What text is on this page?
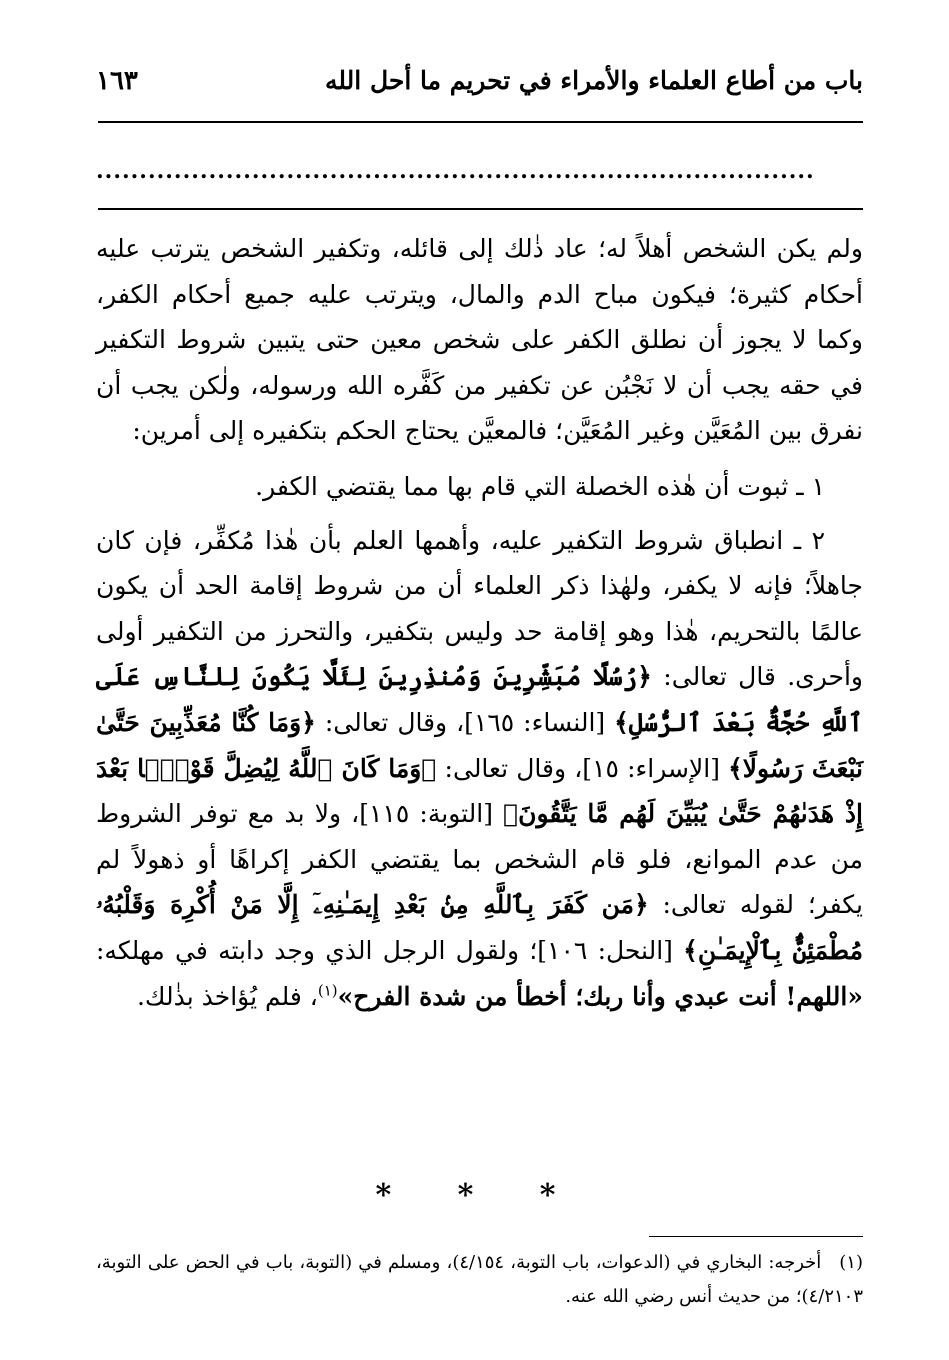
باب من أطاع العلماء والأمراء في تحريم ما أحل الله
١٦٣
...................................................................................

ولم يكن الشخص أهلاً له؛ عاد ذٰلك إلى قائله، وتكفير الشخص يترتب عليه أحكام كثيرة؛ فيكون مباح الدم والمال، ويترتب عليه جميع أحكام الكفر، وكما لا يجوز أن نطلق الكفر على شخص معين حتى يتبين شروط التكفير في حقه يجب أن لا نَجْبُن عن تكفير من كَفَّره الله ورسوله، ولٰكن يجب أن نفرق بين المُعَيَّن وغير المُعَيَّن؛ فالمعيَّن يحتاج الحكم بتكفيره إلى أمرين:

١ ـ ثبوت أن هٰذه الخصلة التي قام بها مما يقتضي الكفر.

٢ ـ انطباق شروط التكفير عليه، وأهمها العلم بأن هٰذا مُكفِّر، فإن كان جاهلاً؛ فإنه لا يكفر، ولهٰذا ذكر العلماء أن من شروط إقامة الحد أن يكون عالمًا بالتحريم، هٰذا وهو إقامة حد وليس بتكفير، والتحرز من التكفير أولى وأحرى. قال تعالى: ﴿رُسُلًا مُبَشِّرِينَ وَمُنذِرِينَ لِئَلَّا يَكُونَ لِلنَّاسِ عَلَى ٱللَّهِ حُجَّةٌۢ بَعْدَ ٱلرُّسُلِ﴾ [النساء: ١٦٥]، وقال تعالى: ﴿وَمَا كُنَّا مُعَذِّبِينَ حَتَّىٰ نَبْعَثَ رَسُولًا﴾ [الإسراء: ١٥]، وقال تعالى: ﴿وَمَا كَانَ ٱللَّهُ لِيُضِلَّ قَوْمًۢا بَعْدَ إِذْ هَدَىٰهُمْ حَتَّىٰ يُبَيِّنَ لَهُم مَّا يَتَّقُونَ﴾ [التوبة: ١١٥]، ولا بد مع توفر الشروط من عدم الموانع، فلو قام الشخص بما يقتضي الكفر إكراهًا أو ذهولاً لم يكفر؛ لقوله تعالى: ﴿مَن كَفَرَ بِٱللَّهِ مِنۢ بَعْدِ إِيمَـٰنِهِۦٓ إِلَّا مَنْ أُكْرِهَ وَقَلْبُهُۥ مُطْمَئِنٌّۢ بِٱلْإِيمَـٰنِ﴾ [النحل: ١٠٦]؛ ولقول الرجل الذي وجد دابته في مهلكه: «اللهم! أنت عبدي وأنا ربك؛ أخطأ من شدة الفرح»$^{(١)}$، فلم يُؤاخذ بذٰلك.

* * *
(١)أخرجه: البخاري في (الدعوات، باب التوبة، ٤/١٥٤)، ومسلم في (التوبة، باب في الحض على التوبة، ٤/٢١٠٣)؛ من حديث أنس رضي الله عنه.
